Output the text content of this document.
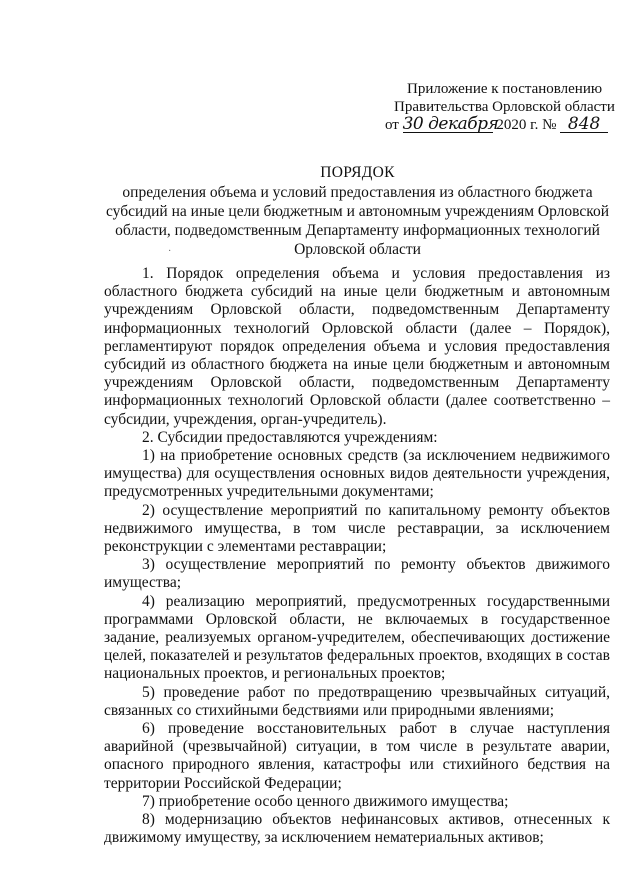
Приложение к постановлению
Правительства Орловской области
от 30 декабря 2020 г. № 848
ПОРЯДОК
определения объема и условий предоставления из областного бюджета субсидий на иные цели бюджетным и автономным учреждениям Орловской области, подведомственным Департаменту информационных технологий Орловской области
·

1. Порядок определения объема и условия предоставления из областного бюджета субсидий на иные цели бюджетным и автономным учреждениям Орловской области, подведомственным Департаменту информационных технологий Орловской области (далее – Порядок), регламентируют порядок определения объема и условия предоставления субсидий из областного бюджета на иные цели бюджетным и автономным учреждениям Орловской области, подведомственным Департаменту информационных технологий Орловской области (далее соответственно – субсидии, учреждения, орган-учредитель).

2. Субсидии предоставляются учреждениям:

1) на приобретение основных средств (за исключением недвижимого имущества) для осуществления основных видов деятельности учреждения, предусмотренных учредительными документами;

2) осуществление мероприятий по капитальному ремонту объектов недвижимого имущества, в том числе реставрации, за исключением реконструкции с элементами реставрации;

3) осуществление мероприятий по ремонту объектов движимого имущества;

4) реализацию мероприятий, предусмотренных государственными программами Орловской области, не включаемых в государственное задание, реализуемых органом-учредителем, обеспечивающих достижение целей, показателей и результатов федеральных проектов, входящих в состав национальных проектов, и региональных проектов;

5) проведение работ по предотвращению чрезвычайных ситуаций, связанных со стихийными бедствиями или природными явлениями;

6) проведение восстановительных работ в случае наступления аварийной (чрезвычайной) ситуации, в том числе в результате аварии, опасного природного явления, катастрофы или стихийного бедствия на территории Российской Федерации;

7) приобретение особо ценного движимого имущества;

8) модернизацию объектов нефинансовых активов, отнесенных к движимому имуществу, за исключением нематериальных активов;
